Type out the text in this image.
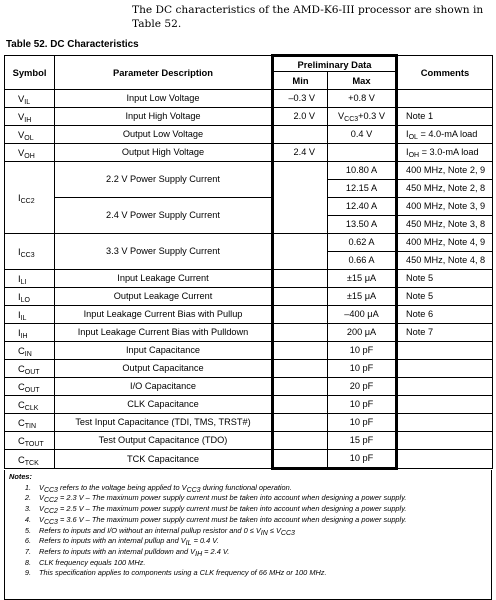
The DC characteristics of the AMD-K6-III processor are shown in Table 52.
Table 52. DC Characteristics
Symbol	Parameter Description	Preliminary Data		Comments
		Min	Max	
$V_{IL}$	Input Low Voltage	–0.3 V	+0.8 V	
$V_{IH}$	Input High Voltage	2.0 V	$V_{CC3}+0.3$ V	Note 1
$V_{OL}$	Output Low Voltage		0.4 V	$I_{OL} = 4.0-mA$ load
$V_{OH}$	Output High Voltage	2.4 V		$I_{OH} = 3.0-mA$ load
$I_{CC2}$	2.2 V Power Supply Current		10.80 A	400 MHz, Note 2, 9
			12.15 A	450 MHz, Note 2, 8
	2.4 V Power Supply Current		12.40 A	400 MHz, Note 3, 9
			13.50 A	450 MHz, Note 3, 8
$I_{CC3}$	3.3 V Power Supply Current		0.62 A	400 MHz, Note 4, 9
			0.66 A	450 MHz, Note 4, 8
$I_{LI}$	Input Leakage Current		±15 μA	Note 5
$I_{LO}$	Output Leakage Current		±15 μA	Note 5
$I_{IL}$	Input Leakage Current Bias with Pullup		–400 μA	Note 6
$I_{IH}$	Input Leakage Current Bias with Pulldown		200 μA	Note 7
$C_{IN}$	Input Capacitance		10 pF	
$C_{OUT}$	Output Capacitance		10 pF	
$C_{OUT}$	I/O Capacitance		20 pF	
$C_{CLK}$	CLK Capacitance		10 pF	
$C_{TIN}$	Test Input Capacitance (TDI, TMS, TRST#)		10 pF	
$C_{TOUT}$	Test Output Capacitance (TDO)		15 pF	
$C_{TCK}$	TCK Capacitance		10 pF	
Notes:
1.	$V_{CC3}$ refers to the voltage being applied to $V_{CC3}$ during functional operation.
2.	$V_{CC2} = 2.3$ V – The maximum power supply current must be taken into account when designing a power supply.
3.	$V_{CC2} = 2.5$ V – The maximum power supply current must be taken into account when designing a power supply.
4.	$V_{CC3} = 3.6$ V – The maximum power supply current must be taken into account when designing a power supply.
5.	Refers to inputs and I/O without an internal pullup resistor and $0 \le V_{IN} \le V_{CC3}$
6.	Refers to inputs with an internal pullup and $V_{IL} = 0.4$ V.
7.	Refers to inputs with an internal pulldown and $V_{IH} = 2.4$ V.
8.	CLK frequency equals 100 MHz.
9.	This specification applies to components using a CLK frequency of 66 MHz or 100 MHz.
